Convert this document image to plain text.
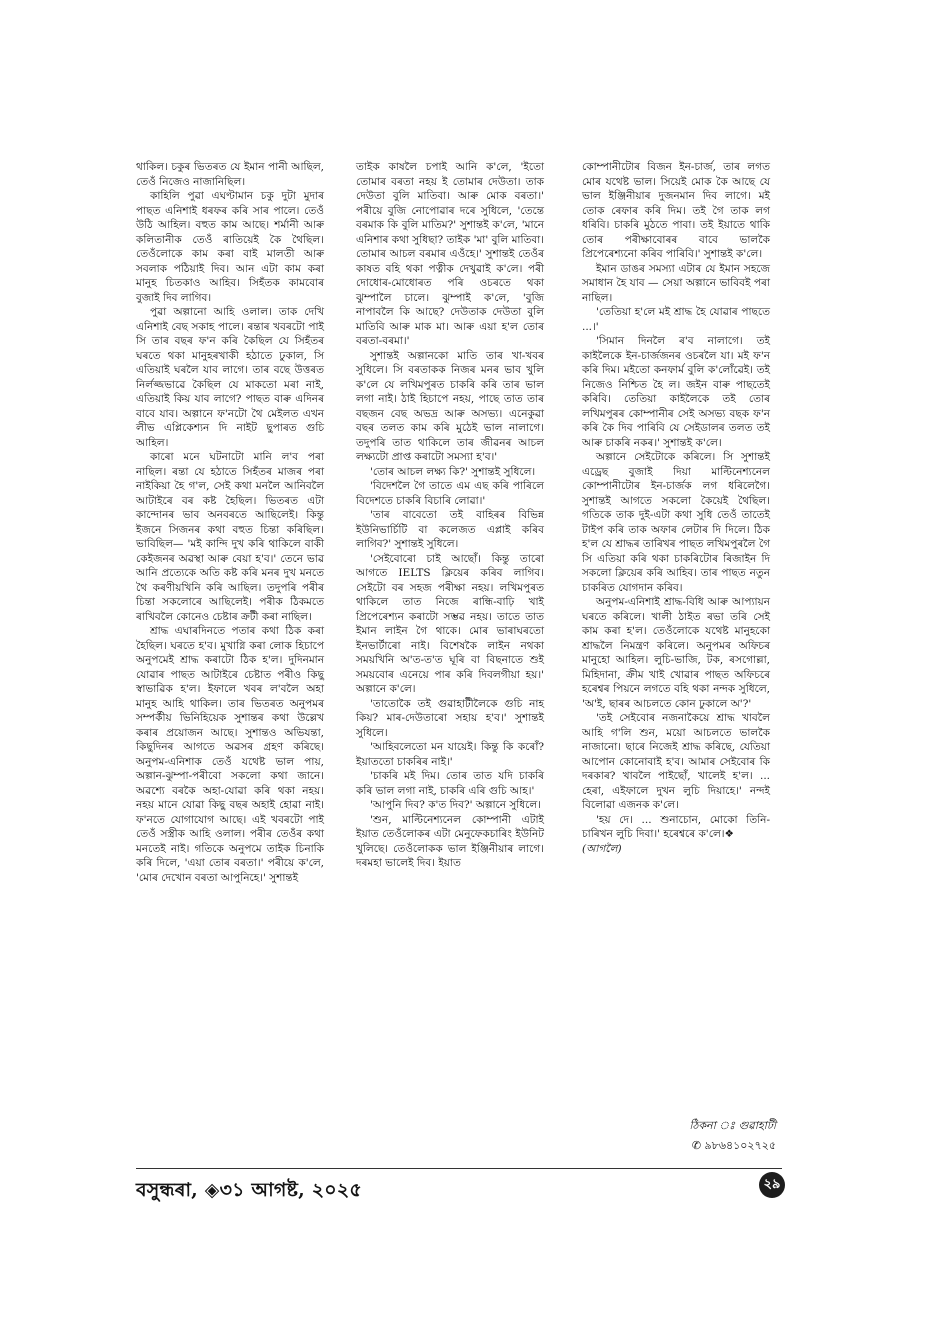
থাকিল। চকুৰ ভিতৰত যে ইমান পানী আছিল, তেওঁ নিজেও নাজানিছিল।

কাহিলি পুৱা এঘণ্টামান চকু দুটা মুদাৰ পাছত এনিশাই ধৰফৰ কৰি সাৰ পালে। তেওঁ উঠি আহিল। বহুত কাম আছে। শৰ্মানী আৰু কলিতানীক তেওঁ ৰাতিয়েই কৈ থৈছিল। তেওঁলোকে কাম কৰা বাই মালতী আৰু সবলাক পঠিয়াই দিব। আন এটা কাম কৰা মানুহ চিতকাও আহিব। সিহঁতক কামবোৰ বুজাই দিব লাগিব।

পুৱা অল্পানো আহি ওলাল। তাক দেখি এনিশাই বেছ সকাহ পালে। ৰন্তাৰ খবৰটো পাই সি তাৰ বছৰ ফ'ন কৰি কৈছিল যে সিহঁতৰ ঘৰতে থকা মানুহৰখাকী হঠাতে ঢুকাল, সি এতিয়াই ঘৰলৈ যাব লাগে। তাৰ বছে উত্তৰত নিৰ্লজ্জভাৱে কৈছিল যে মাকতো মৰা নাই, এতিয়াই কিয় যাব লাগে? পাছত বাৰু এদিনৰ বাবে যাব। অল্পানে ফ'নটো থৈ মেইলত এখন লীভ এপ্লিকেশ্যন দি নাইট ছুপাৰত গুচি আহিল।

কাৰো মনে ঘটনাটো মানি ল'ব পৰা নাছিল। ৰন্তা যে হঠাতে সিহঁতৰ মাজৰ পৰা নাইকিয়া হৈ গ'ল, সেই কথা মনলৈ আনিবলৈ আটাইৰে বৰ কষ্ট হৈছিল। ভিতৰত এটা কান্দোনৰ ভাব অনবৰতে আছিলেই। কিন্তু ইজনে সিজনৰ কথা বহুত চিন্তা কৰিছিল। ভাবিছিল— 'মই কান্দি দুখ কৰি থাকিলে বাকী কেইজনৰ অৱস্থা আৰু বেয়া হ'ব।' তেনে ভাৱ আনি প্ৰত্যেকে অতি কষ্ট কৰি মনৰ দুখ মনতে থৈ কৰণীয়খিনি কৰি আছিল। তদুপৰি পৰীৰ চিন্তা সকলোৰে আছিলেই। পৰীক ঠিকমতে ৰাখিবলৈ কোনেও চেষ্টাৰ ক্ৰটী কৰা নাছিল।

শ্ৰাদ্ধ এঘাৰদিনতে পতাৰ কথা ঠিক কৰা হৈছিল। ঘৰতে হ'ব। মুখাগ্নি কৰা লোক হিচাপে অনুপমেই শ্ৰাদ্ধ কৰাটো ঠিক হ'ল। দুদিনমান যোৱাৰ পাছত আটাইৰে চেষ্টাত পৰীও কিছু স্বাভাৱিক হ'ল। ইফালে খবৰ ল'বলৈ অহা মানুহ আহি থাকিল। তাৰ ভিতৰত অনুপমৰ সম্পৰ্কীয় ভিনিহিয়েক সুশান্তৰ কথা উল্লেখ কৰাৰ প্ৰয়োজন আছে। সুশান্তও অভিযন্তা, কিছুদিনৰ আগতে অৱসৰ গ্ৰহণ কৰিছে। অনুপম-এনিশাক তেওঁ যথেষ্ট ভাল পায়, অল্পান-ঝুম্পা-পৰীবো সকলো কথা জানে। অৱশ্যে বৰকৈ অহা-যোৱা কৰি থকা নহয়। নহয় মানে যোৱা কিছু বছৰ অহাই হোৱা নাই। ফ'নতে যোগাযোগ আছে। এই খবৰটো পাই তেওঁ সস্ত্ৰীক আহি ওলাল। পৰীৰ তেওঁৰ কথা মনতেই নাই। গতিকে অনুপমে তাইক চিনাকি কৰি দিলে, 'এয়া তোৰ বৰতা।' পৰীয়ে ক'লে, 'মোৰ দেখোন বৰতা আপুনিহে।' সুশান্তই

তাইক কাষলৈ চপাই আনি ক'লে, 'ইতো তোমাৰ বৰতা নহয় ই তোমাৰ দেউতা। তাক দেউতা বুলি মাতিবা। আৰু মোক বৰতা।' পৰীয়ে বুজি নোপোৱাৰ দৰে সুধিলে, 'তেন্তে বৰমাক কি বুলি মাতিম?' সুশান্তই ক'লে, 'মানে এনিশাৰ কথা সুধিছা? তাইক 'মা' বুলি মাতিবা। তোমাৰ আচল বৰমাৰ এওঁহে।' সুশান্তই তেওঁৰ কাষত বহি থকা পত্নীক দেখুৱাই ক'লে। পৰী দোধোৰ-মোধোৰত পৰি ওচৰতে থকা ঝুম্পালৈ চালে। ঝুম্পাই ক'লে, 'বুজি নাপাবলৈ কি আছে? দেউতাক দেউতা বুলি মাতিবি আৰু মাক মা। আৰু এয়া হ'ল তোৰ বৰতা-বৰমা।'

সুশান্তই অল্পানকো মাতি তাৰ খা-খবৰ সুধিলে। সি বৰতাকক নিজৰ মনৰ ভাব খুলি ক'লে যে লখিমপুৰত চাকৰি কৰি তাৰ ভাল লগা নাই। ঠাই হিচাপে নহয়, পাছে তাত তাৰ বছজন বেছ অভদ্ৰ আৰু অসভ্য। এনেকুৱা বছৰ তলত কাম কৰি মুঠেই ভাল নালাগে। তদুপৰি তাত থাকিলে তাৰ জীৱনৰ আচল লক্ষ্যটো প্ৰাপ্ত কৰাটো সমস্যা হ'ব।'

'তোৰ আচল লক্ষ্য কি?' সুশান্তই সুধিলে।

'বিদেশলৈ গৈ তাতে এম এছ কৰি পাৰিলে বিদেশতে চাকৰি বিচাৰি লোৱা।'

'তাৰ বাবেতো তই বাহিৰৰ বিভিন্ন ইউনিভাৰ্চিটি বা কলেজত এপ্লাই কৰিব লাগিব?' সুশান্তই সুধিলে।

'সেইবোৰো চাই আছোঁ। কিন্তু তাৰো আগতে IELTS ক্লিয়েৰ কৰিব লাগিব। সেইটো বৰ সহজ পৰীক্ষা নহয়। লখিমপুৰত থাকিলে তাত নিজে ৰান্ধি-বাঢ়ি খাই প্ৰিপেৰেশ্যন কৰাটো সম্ভৱ নহয়। তাতে তাত ইমান লাইন গৈ থাকে। মোৰ ভাৰাঘৰতো ইনভাৰ্টাৰো নাই। বিশেষকৈ লাইন নথকা সময়খিনি অ'ত-ত'ত ঘূৰি বা বিছনাতে শুই সময়বোৰ এনেয়ে পাৰ কৰি দিবলগীয়া হয়।' অল্পানে ক'লে।

'তাতোকৈ তই গুৱাহাটীলৈকে গুচি নাহ কিয়? মাৰ-দেউতাৰো সহায় হ'ব।' সুশান্তই সুধিলে।

'আহিবলেতো মন যায়েই। কিন্তু কি কৰোঁ? ইয়াততো চাকৰিৰ নাই।'

'চাকৰি মই দিম। তোৰ তাত যদি চাকৰি কৰি ভাল লগা নাই, চাকৰি এৰি গুচি আহ।'

'আপুনি দিব? ক'ত দিব?' অল্পানে সুধিলে।

'শুন, মাল্টিনেশ্যনেল কোম্পানী এটাই ইয়াত তেওঁলোকৰ এটা মেনুফেকচাৰিং ইউনিট খুলিছে। তেওঁলোকক ভাল ইঞ্জিনীয়াৰ লাগে। দৰমহা ভালেই দিব। ইয়াত

কোম্পানীটোৰ বিজন ইন-চাৰ্জ, তাৰ লগত মোৰ যথেষ্ট ভাল। সিয়েই মোক কৈ আছে যে ভাল ইঞ্জিনীয়াৰ দুজনমান দিব লাগে। মই তোক ৰেফাৰ কৰি দিম। তই গৈ তাক লগ ধৰিবি। চাকৰি মুঠতে পাবা। তই ইয়াতে থাকি তোৰ পৰীক্ষাবোৰৰ বাবে ভালকৈ প্ৰিপেৰেশ্যনো কৰিব পাৰিবি।' সুশান্তই ক'লে।

ইমান ডাঙৰ সমস্যা এটাৰ যে ইমান সহজে সমাধান হৈ যাব — সেয়া অল্পানে ভাবিবই পৰা নাছিল।

'তেতিয়া হ'লে মই শ্ৰাদ্ধ হৈ যোৱাৰ পাছতে ...।'

'সিমান দিনলৈ ৰ'ব নালাগে। তই কাইলৈকে ইন-চাৰ্জজনৰ ওচৰলৈ যা। মই ফ'ন কৰি দিম। মইতো কনফাৰ্ম বুলি ক'লোঁৱেই। তই নিজেও নিশ্চিত হৈ ল। জইন বাৰু পাছতেই কৰিবি। তেতিয়া কাইলৈকে তই তোৰ লখিমপুৰৰ কোম্পানীৰ সেই অসভ্য বছক ফ'ন কৰি কৈ দিব পাৰিবি যে সেইডালৰ তলত তই আৰু চাকৰি নকৰ।' সুশান্তই ক'লে।

অল্পানে সেইটোকে কৰিলে। সি সুশান্তই এড্ৰেছ বুজাই দিয়া মাল্টিনেশ্যনেল কোম্পানীটোৰ ইন-চাৰ্জক লগ ধৰিলেগৈ। সুশান্তই আগতে সকলো কৈয়েই থৈছিল। গতিকে তাক দুই-এটা কথা সুধি তেওঁ তাতেই টাইপ কৰি তাক অফাৰ লেটাৰ দি দিলে। ঠিক হ'ল যে শ্ৰাদ্ধৰ তাৰিখৰ পাছত লখিমপুৰলৈ গৈ সি এতিয়া কৰি থকা চাকৰিটোৰ ৰিজাইন দি সকলো ক্লিয়েৰ কৰি আহিব। তাৰ পাছত নতুন চাকৰিত যোগদান কৰিব।

অনুপম-এনিশাই শ্ৰাদ্ধ-বিধি আৰু আপ্যায়ন ঘৰতে কৰিলে। খালী ঠাইত ৰভা তৰি সেই কাম কৰা হ'ল। তেওঁলোকে যথেষ্ট মানুহকো শ্ৰাদ্ধলৈ নিমন্ত্ৰণ কৰিলে। অনুপমৰ অফিচৰ মানুহো আহিল। লুচি-ভাজি, টক, ৰসগোল্লা, মিহিদানা, ক্ৰীম খাই খোৱাৰ পাছত অফিচৰে হৰেশ্বৰ পিয়নে লগতে বহি থকা নন্দক সুধিলে, 'অ'ই, ছাৰৰ আচলতে কোন ঢুকালে অ'?'

'তই সেইবোৰ নজনাকৈয়ে শ্ৰাদ্ধ খাবলৈ আহি গ'লি শুন, ময়ো আচলতে ভালকৈ নাজানো। ছাৰে নিজেই শ্ৰাদ্ধ কৰিছে, যেতিয়া আপোন কোনোবাই হ'ব। আমাৰ সেইবোৰ কি দৰকাৰ? খাবলৈ পাইছোঁ, খালেই হ'ল। ... হেৰা, এইফালে দুখন লুচি দিয়াহে।' নন্দই বিলোৱা এজনক ক'লে।

'হয় দে। ... শুনাচোন, মোকো তিনি-চাৰিখন লুচি দিবা।' হৰেশ্বৰে ক'লে।❖

(আগলৈ)

ঠিকনা ঃ গুৱাহাটী
✆ ৯৮৬৪১০২৭২৫
বসুন্ধৰা, ◈৩১ আগষ্ট, ২০২৫	২৯
